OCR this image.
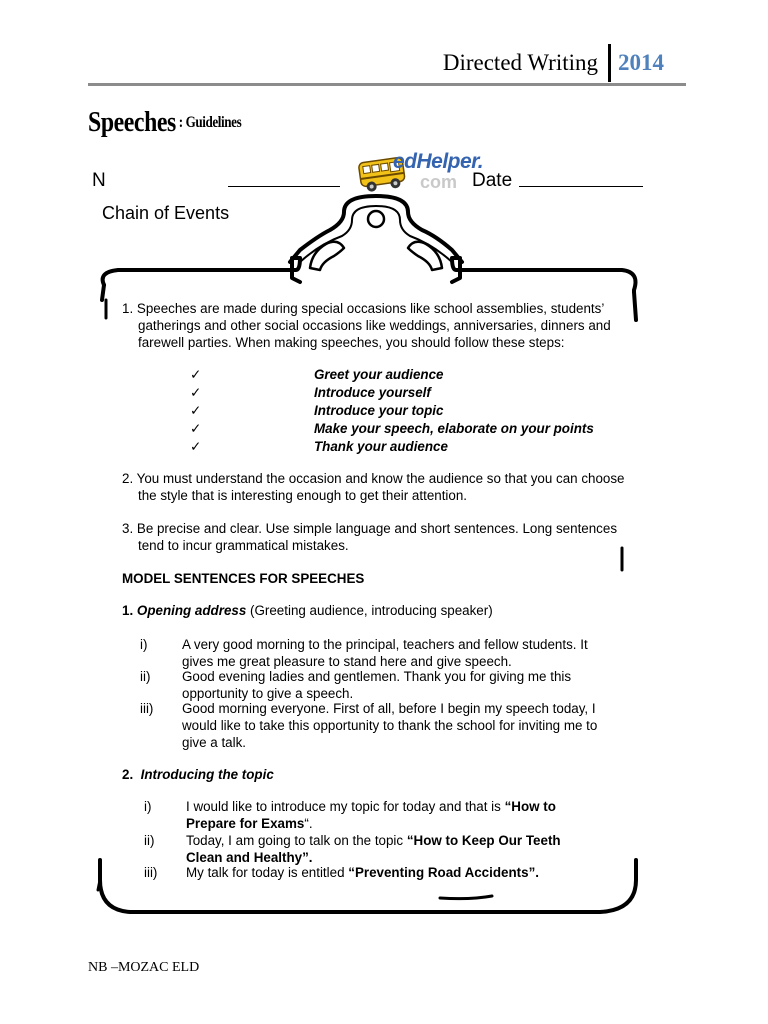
Directed Writing 2014
Speeches : Guidelines
N	Date
Chain of Events
edHelper.
com

1. Speeches are made during special occasions like school assemblies, students’ gatherings and other social occasions like weddings, anniversaries, dinners and farewell parties. When making speeches, you should follow these steps:

✓	Greet your audience
✓	Introduce yourself
✓	Introduce your topic
✓	Make your speech, elaborate on your points
✓	Thank your audience

2. You must understand the occasion and know the audience so that you can choose the style that is interesting enough to get their attention.

3. Be precise and clear. Use simple language and short sentences. Long sentences tend to incur grammatical mistakes.

MODEL SENTENCES FOR SPEECHES

1. Opening address (Greeting audience, introducing speaker)

i)	A very good morning to the principal, teachers and fellow students. It gives me great pleasure to stand here and give speech.
ii) Good evening ladies and gentlemen. Thank you for giving me this opportunity to give a speech.
iii) Good morning everyone. First of all, before I begin my speech today, I would like to take this opportunity to thank the school for inviting me to give a talk.

2. Introducing the topic

i)	I would like to introduce my topic for today and that is “How to Prepare for Exams“.
ii) Today, I am going to talk on the topic “How to Keep Our Teeth Clean and Healthy”.
iii) My talk for today is entitled “Preventing Road Accidents”.
NB –MOZAC ELD
